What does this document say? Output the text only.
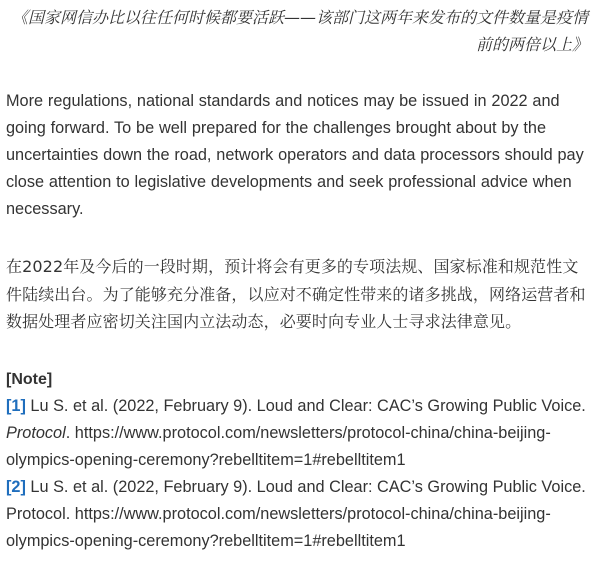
《国家网信办比以往任何时候都要活跃——该部门这两年来发布的文件数量是疫情前的两倍以上》

More regulations, national standards and notices may be issued in 2022 and going forward. To be well prepared for the challenges brought about by the uncertainties down the road, network operators and data processors should pay close attention to legislative developments and seek professional advice when necessary.

在2022年及今后的一段时期，预计将会有更多的专项法规、国家标准和规范性文件陆续出台。为了能够充分准备，以应对不确定性带来的诸多挑战，网络运营者和数据处理者应密切关注国内立法动态，必要时向专业人士寻求法律意见。

[Note]

[1] Lu S. et al. (2022, February 9). Loud and Clear: CAC’s Growing Public Voice. Protocol. https://www.protocol.com/newsletters/protocol-china/china-beijing-olympics-opening-ceremony?rebelltitem=1#rebelltitem1

[2] Lu S. et al. (2022, February 9). Loud and Clear: CAC’s Growing Public Voice. Protocol. https://www.protocol.com/newsletters/protocol-china/china-beijing-olympics-opening-ceremony?rebelltitem=1#rebelltitem1
